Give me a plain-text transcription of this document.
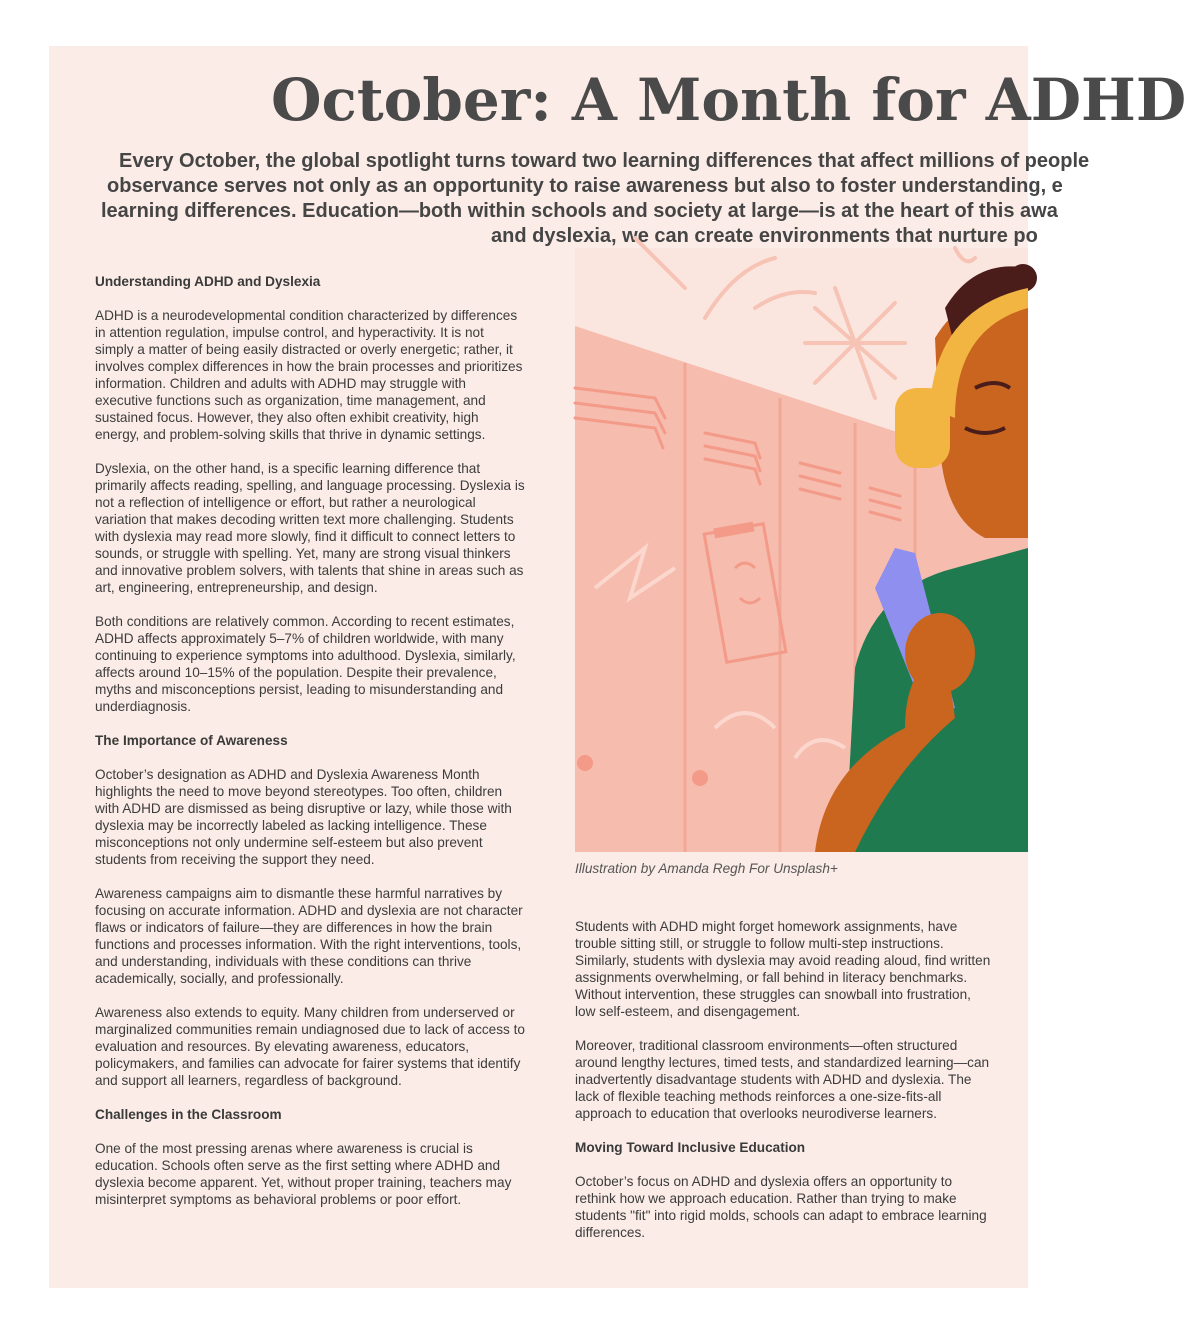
October: A Month for ADHD

Every October, the global spotlight turns toward two learning differences that affect millions of people

observance serves not only as an opportunity to raise awareness but also to foster understanding, e

learning differences. Education—both within schools and society at large—is at the heart of this awa

and dyslexia, we can create environments that nurture po

Understanding ADHD and Dyslexia

ADHD is a neurodevelopmental condition characterized by differences in attention regulation, impulse control, and hyperactivity. It is not simply a matter of being easily distracted or overly energetic; rather, it involves complex differences in how the brain processes and prioritizes information. Children and adults with ADHD may struggle with executive functions such as organization, time management, and sustained focus. However, they also often exhibit creativity, high energy, and problem-solving skills that thrive in dynamic settings.

Dyslexia, on the other hand, is a specific learning difference that primarily affects reading, spelling, and language processing. Dyslexia is not a reflection of intelligence or effort, but rather a neurological variation that makes decoding written text more challenging. Students with dyslexia may read more slowly, find it difficult to connect letters to sounds, or struggle with spelling. Yet, many are strong visual thinkers and innovative problem solvers, with talents that shine in areas such as art, engineering, entrepreneurship, and design.

Both conditions are relatively common. According to recent estimates, ADHD affects approximately 5–7% of children worldwide, with many continuing to experience symptoms into adulthood. Dyslexia, similarly, affects around 10–15% of the population. Despite their prevalence, myths and misconceptions persist, leading to misunderstanding and underdiagnosis.

The Importance of Awareness

October’s designation as ADHD and Dyslexia Awareness Month highlights the need to move beyond stereotypes. Too often, children with ADHD are dismissed as being disruptive or lazy, while those with dyslexia may be incorrectly labeled as lacking intelligence. These misconceptions not only undermine self-esteem but also prevent students from receiving the support they need.

Awareness campaigns aim to dismantle these harmful narratives by focusing on accurate information. ADHD and dyslexia are not character flaws or indicators of failure—they are differences in how the brain functions and processes information. With the right interventions, tools, and understanding, individuals with these conditions can thrive academically, socially, and professionally.

Awareness also extends to equity. Many children from underserved or marginalized communities remain undiagnosed due to lack of access to evaluation and resources. By elevating awareness, educators, policymakers, and families can advocate for fairer systems that identify and support all learners, regardless of background.

Challenges in the Classroom

One of the most pressing arenas where awareness is crucial is education. Schools often serve as the first setting where ADHD and dyslexia become apparent. Yet, without proper training, teachers may misinterpret symptoms as behavioral problems or poor effort.

Illustration by Amanda Regh For Unsplash+

Students with ADHD might forget homework assignments, have trouble sitting still, or struggle to follow multi-step instructions. Similarly, students with dyslexia may avoid reading aloud, find written assignments overwhelming, or fall behind in literacy benchmarks. Without intervention, these struggles can snowball into frustration, low self-esteem, and disengagement.

Moreover, traditional classroom environments—often structured around lengthy lectures, timed tests, and standardized learning—can inadvertently disadvantage students with ADHD and dyslexia. The lack of flexible teaching methods reinforces a one-size-fits-all approach to education that overlooks neurodiverse learners.

Moving Toward Inclusive Education

October’s focus on ADHD and dyslexia offers an opportunity to rethink how we approach education. Rather than trying to make students "fit" into rigid molds, schools can adapt to embrace learning differences.
